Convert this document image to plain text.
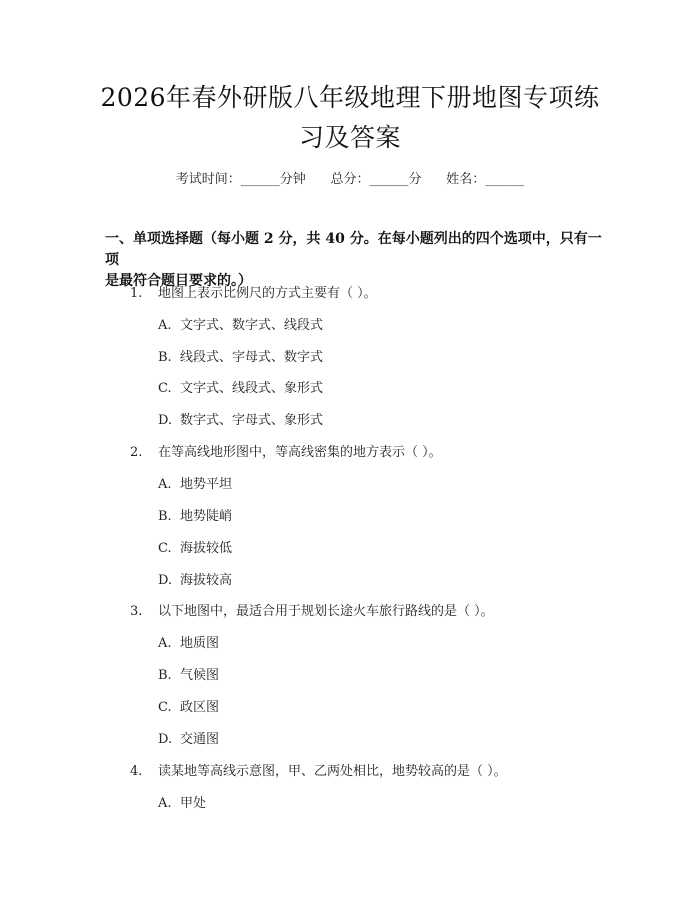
2026年春外研版八年级地理下册地图专项练
习及答案
考试时间：______分钟      总分：______分      姓名：______
一、单项选择题（每小题 2 分，共 40 分。在每小题列出的四个选项中，只有一项
是最符合题目要求的。）
1. 地图上表示比例尺的方式主要有（ ）。
A. 文字式、数字式、线段式
B. 线段式、字母式、数字式
C. 文字式、线段式、象形式
D. 数字式、字母式、象形式
2. 在等高线地形图中，等高线密集的地方表示（ ）。
A. 地势平坦
B. 地势陡峭
C. 海拔较低
D. 海拔较高
3. 以下地图中，最适合用于规划长途火车旅行路线的是（ ）。
A. 地质图
B. 气候图
C. 政区图
D. 交通图
4. 读某地等高线示意图，甲、乙两处相比，地势较高的是（ ）。
A. 甲处
